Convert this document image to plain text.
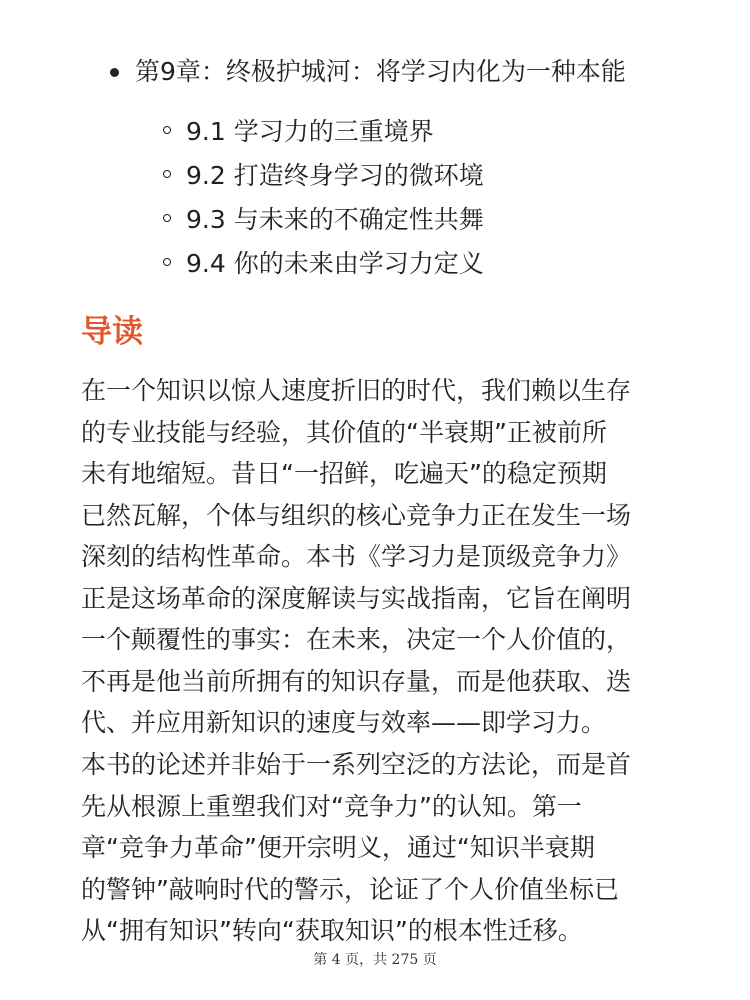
第9章：终极护城河：将学习内化为一种本能
9.1 学习力的三重境界
9.2 打造终身学习的微环境
9.3 与未来的不确定性共舞
9.4 你的未来由学习力定义
导读

在一个知识以惊人速度折旧的时代，我们赖以生存
的专业技能与经验，其价值的“半衰期”正被前所
未有地缩短。昔日“一招鲜，吃遍天”的稳定预期
已然瓦解，个体与组织的核心竞争力正在发生一场
深刻的结构性革命。本书《学习力是顶级竞争力》
正是这场革命的深度解读与实战指南，它旨在阐明
一个颠覆性的事实：在未来，决定一个人价值的，
不再是他当前所拥有的知识存量，而是他获取、迭
代、并应用新知识的速度与效率——即学习力。

本书的论述并非始于一系列空泛的方法论，而是首
先从根源上重塑我们对“竞争力”的认知。第一
章“竞争力革命”便开宗明义，通过“知识半衰期
的警钟”敲响时代的警示，论证了个人价值坐标已
从“拥有知识”转向“获取知识”的根本性迁移。

第 4 页，共 275 页
